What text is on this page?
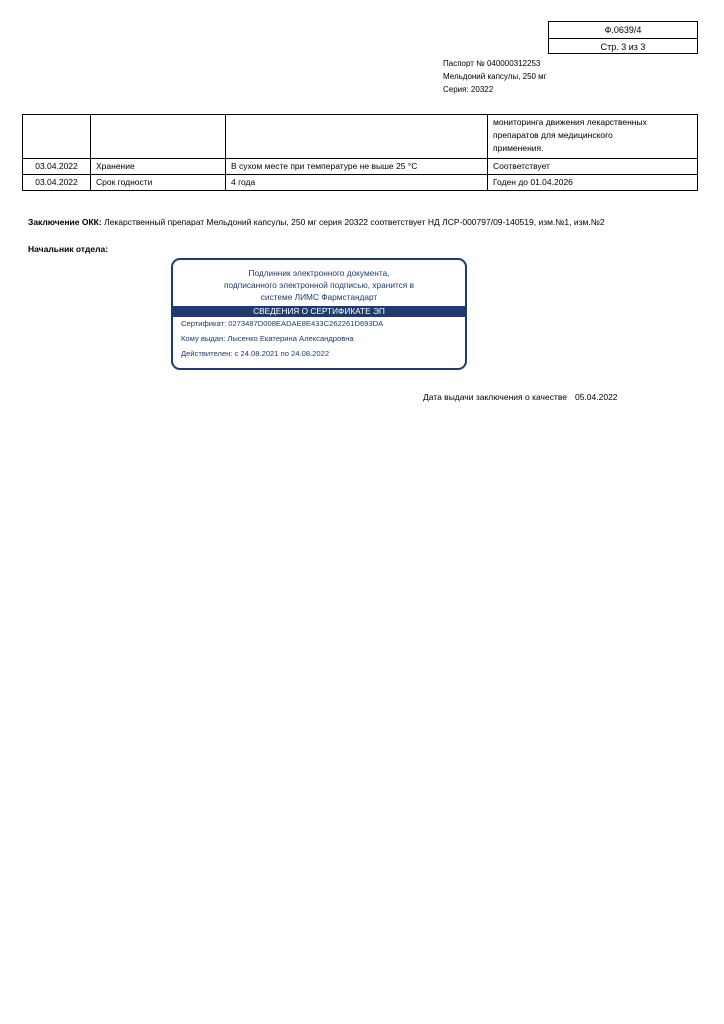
Ф.0639/4
Стр. 3 из 3
Паспорт № 040000312253
Мельдоний капсулы, 250 мг
Серия: 20322

			мониторинга движения лекарственных
препаратов для медицинского
применения.

03.04.2022	Хранение	В сухом месте при температуре не выше 25 °C	Соответствует
03.04.2022	Срок годности	4 года	Годен до 01.04.2026
Заключение ОКК: Лекарственный препарат Мельдоний капсулы, 250 мг серия 20322 соответствует НД ЛСР-000797/09-140519, изм.№1, изм.№2
Начальник отдела:
Подлинник электронного документа,
подписанного электронной подписью, хранится в
системе ЛИМС Фармстандарт
СВЕДЕНИЯ О СЕРТИФИКАТЕ ЭП
Сертификат: 0273487D008EADAE8E433C262261D693DA
Кому выдан: Лысенко Екатерина Александровна
Действителен: с 24.08.2021 по 24.08.2022
Дата выдачи заключения о качестве 05.04.2022
